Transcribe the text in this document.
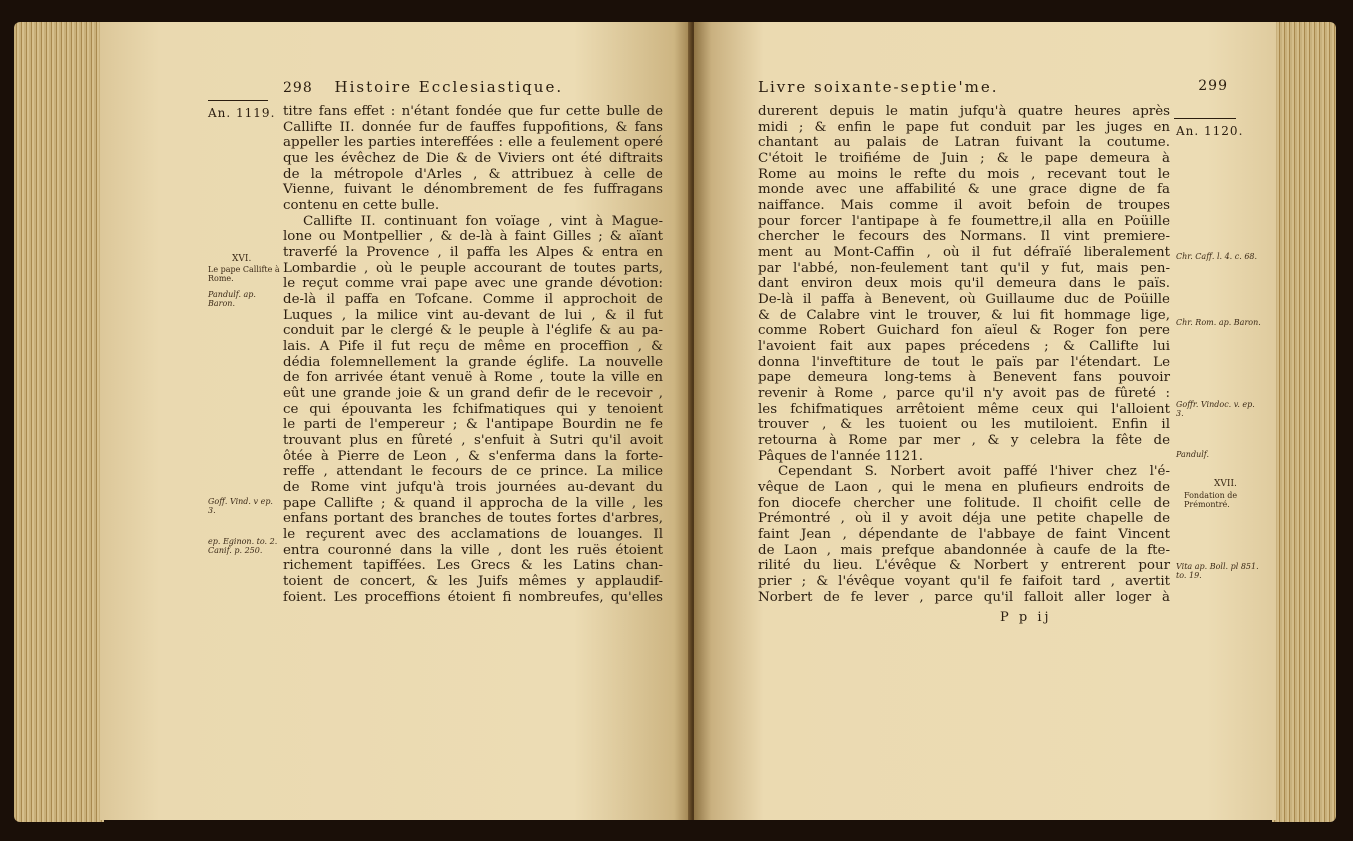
298 Histoire Ecclesiastique.
An. 1119.
XVI.
Le pape Callifte à Rome.
Pandulf. ap. Baron.
Goff. Vind. v ep. 3.
ep. Eginon. to. 2. Canif. p. 250.
titre fans effet : n'étant fondée que fur cette bulle de
Callifte II. donnée fur de fauffes fuppofitions, & fans
appeller les parties intereffées : elle a feulement operé
que les évêchez de Die & de Viviers ont été diftraits
de la métropole d'Arles , & attribuez à celle de
Vienne, fuivant le dénombrement de fes fuffragans
contenu en cette bulle.
Callifte II. continuant fon voïage , vint à Mague-
lone ou Montpellier , & de-là à faint Gilles ; & aïant
traverfé la Provence , il paffa les Alpes & entra en
Lombardie , où le peuple accourant de toutes parts,
le reçut comme vrai pape avec une grande dévotion:
de-là il paffa en Tofcane. Comme il approchoit de
Luques , la milice vint au-devant de lui , & il fut
conduit par le clergé & le peuple à l'églife & au pa-
lais. A Pife il fut reçu de même en proceffion , &
dédia folemnellement la grande églife. La nouvelle
de fon arrivée étant venuë à Rome , toute la ville en
eût une grande joie & un grand defir de le recevoir ,
ce qui épouvanta les fchifmatiques qui y tenoient
le parti de l'empereur ; & l'antipape Bourdin ne fe
trouvant plus en fûreté , s'enfuit à Sutri qu'il avoit
ôtée à Pierre de Leon , & s'enferma dans la forte-
reffe , attendant le fecours de ce prince. La milice
de Rome vint jufqu'à trois journées au-devant du
pape Callifte ; & quand il approcha de la ville , les
enfans portant des branches de toutes fortes d'arbres,
le reçurent avec des acclamations de louanges. Il
entra couronné dans la ville , dont les ruës étoient
richement tapiffées. Les Grecs & les Latins chan-
toient de concert, & les Juifs mêmes y applaudif-
foient. Les proceffions étoient fi nombreufes, qu'elles
Livre soixante-septie'me.	299
An. 1120.
Chr. Caff. l. 4. c. 68.
Chr. Rom. ap. Baron.
Goffr. Vindoc. v. ep. 3.
Pandulf.
XVII.
Fondation de Prémontré.
Vita ap. Boll. pl 851. to. 19.
durerent depuis le matin jufqu'à quatre heures après
midi ; & enfin le pape fut conduit par les juges en
chantant au palais de Latran fuivant la coutume.
C'étoit le troifiéme de Juin ; & le pape demeura à
Rome au moins le refte du mois , recevant tout le
monde avec une affabilité & une grace digne de fa
naiffance. Mais comme il avoit befoin de troupes
pour forcer l'antipape à fe foumettre,il alla en Poüille
chercher le fecours des Normans. Il vint premiere-
ment au Mont-Caffin , où il fut défraïé liberalement
par l'abbé, non-feulement tant qu'il y fut, mais pen-
dant environ deux mois qu'il demeura dans le païs.
De-là il paffa à Benevent, où Guillaume duc de Poüille
& de Calabre vint le trouver, & lui fit hommage lige,
comme Robert Guichard fon aïeul & Roger fon pere
l'avoient fait aux papes précedens ; & Callifte lui
donna l'inveftiture de tout le païs par l'étendart. Le
pape demeura long-tems à Benevent fans pouvoir
revenir à Rome , parce qu'il n'y avoit pas de fûreté :
les fchifmatiques arrêtoient même ceux qui l'alloient
trouver , & les tuoient ou les mutiloient. Enfin il
retourna à Rome par mer , & y celebra la fête de
Pâques de l'année 1121.
Cependant S. Norbert avoit paffé l'hiver chez l'é-
vêque de Laon , qui le mena en plufieurs endroits de
fon diocefe chercher une folitude. Il choifit celle de
Prémontré , où il y avoit déja une petite chapelle de
faint Jean , dépendante de l'abbaye de faint Vincent
de Laon , mais prefque abandonnée à caufe de la fte-
rilité du lieu. L'évêque & Norbert y entrerent pour
prier ; & l'évêque voyant qu'il fe faifoit tard , avertit
Norbert de fe lever , parce qu'il falloit aller loger à
P p ij
